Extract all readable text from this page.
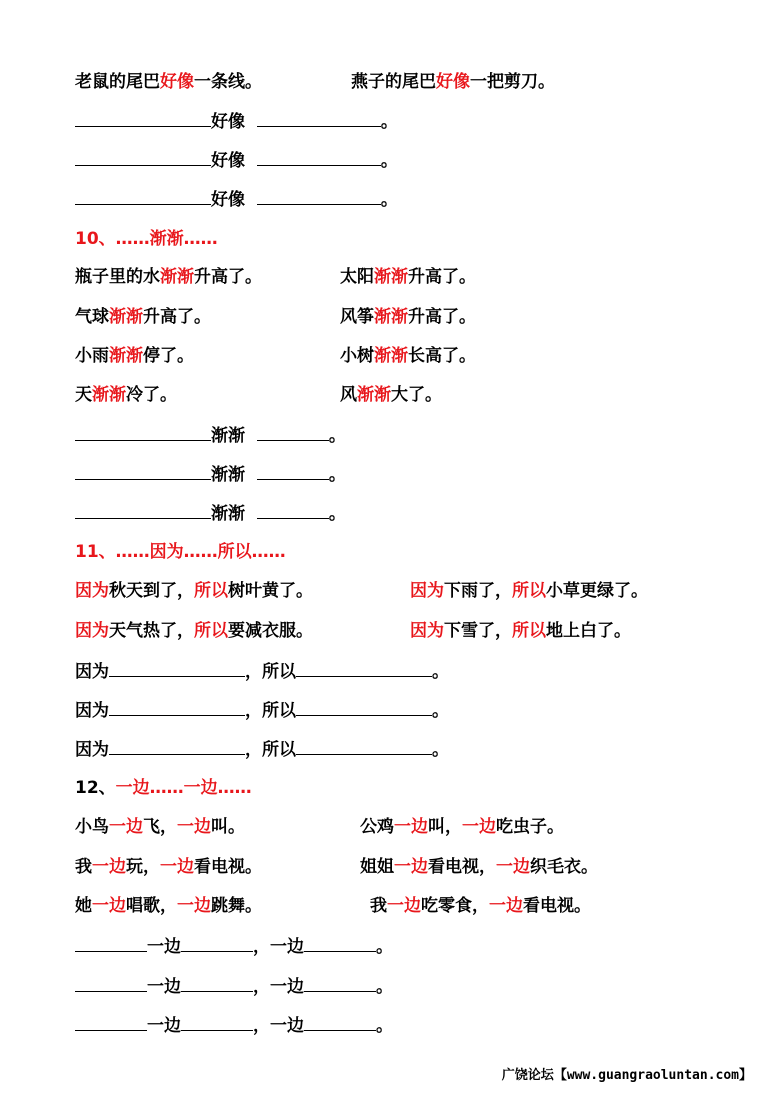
老鼠的尾巴好像一条线。	燕子的尾巴好像一把剪刀。
好像	。
好像	。
好像	。
10、……渐渐……
瓶子里的水渐渐升高了。	太阳渐渐升高了。
气球渐渐升高了。	风筝渐渐升高了。
小雨渐渐停了。	小树渐渐长高了。
天渐渐冷了。	风渐渐大了。
渐渐	。
渐渐	。
渐渐	。
11、……因为……所以……
因为秋天到了，所以树叶黄了。	因为下雨了，所以小草更绿了。
因为天气热了，所以要减衣服。	因为下雪了，所以地上白了。
因为	，所以	。
因为	，所以	。
因为	，所以	。
12、一边……一边……
小鸟一边飞，一边叫。	公鸡一边叫，一边吃虫子。
我一边玩，一边看电视。	姐姐一边看电视，一边织毛衣。
她一边唱歌，一边跳舞。	我一边吃零食，一边看电视。
一边	，一边	。
一边	，一边	。
一边	，一边	。
广饶论坛【www.guangraoluntan.com】
